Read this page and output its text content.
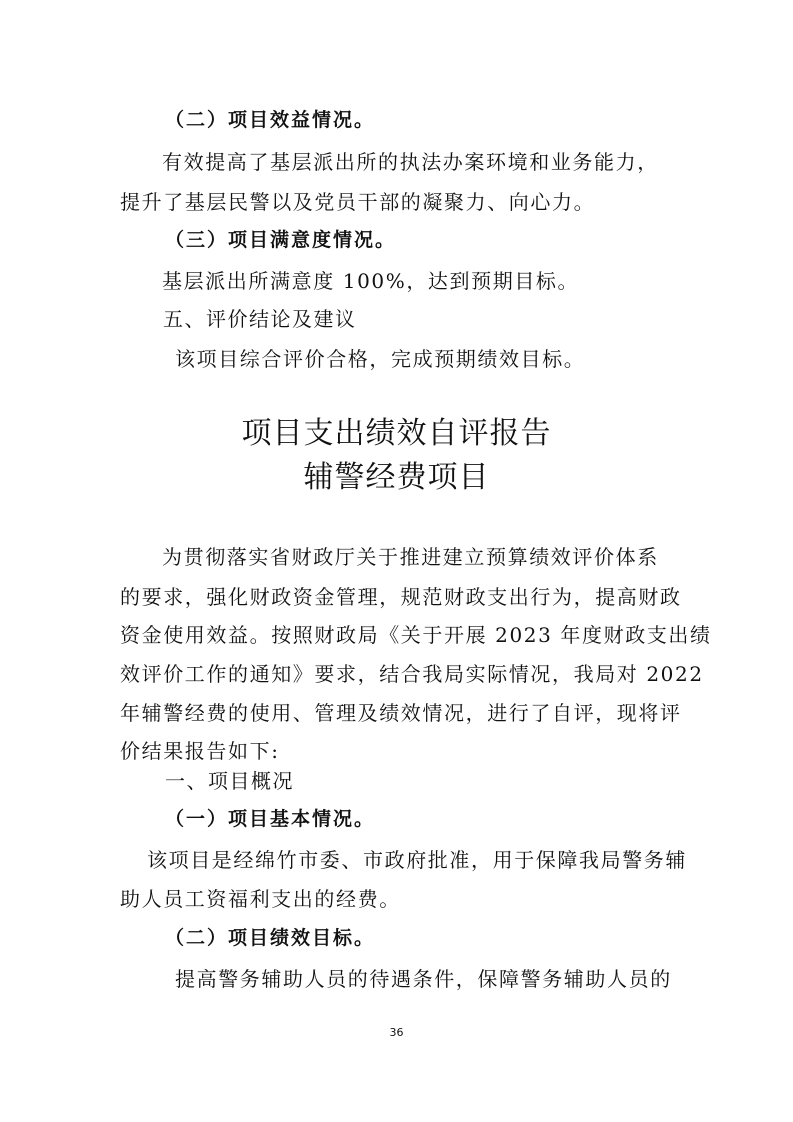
（二）项目效益情况。
有效提高了基层派出所的执法办案环境和业务能力，
提升了基层民警以及党员干部的凝聚力、向心力。
（三）项目满意度情况。
基层派出所满意度 100%，达到预期目标。
五、评价结论及建议
该项目综合评价合格，完成预期绩效目标。
项目支出绩效自评报告
辅警经费项目
为贯彻落实省财政厅关于推进建立预算绩效评价体系
的要求，强化财政资金管理，规范财政支出行为，提高财政
资金使用效益。按照财政局《关于开展 2023 年度财政支出绩
效评价工作的通知》要求，结合我局实际情况，我局对 2022
年辅警经费的使用、管理及绩效情况，进行了自评，现将评
价结果报告如下:
一、项目概况
（一）项目基本情况。
该项目是经绵竹市委、市政府批准，用于保障我局警务辅
助人员工资福利支出的经费。
（二）项目绩效目标。
提高警务辅助人员的待遇条件，保障警务辅助人员的
36
